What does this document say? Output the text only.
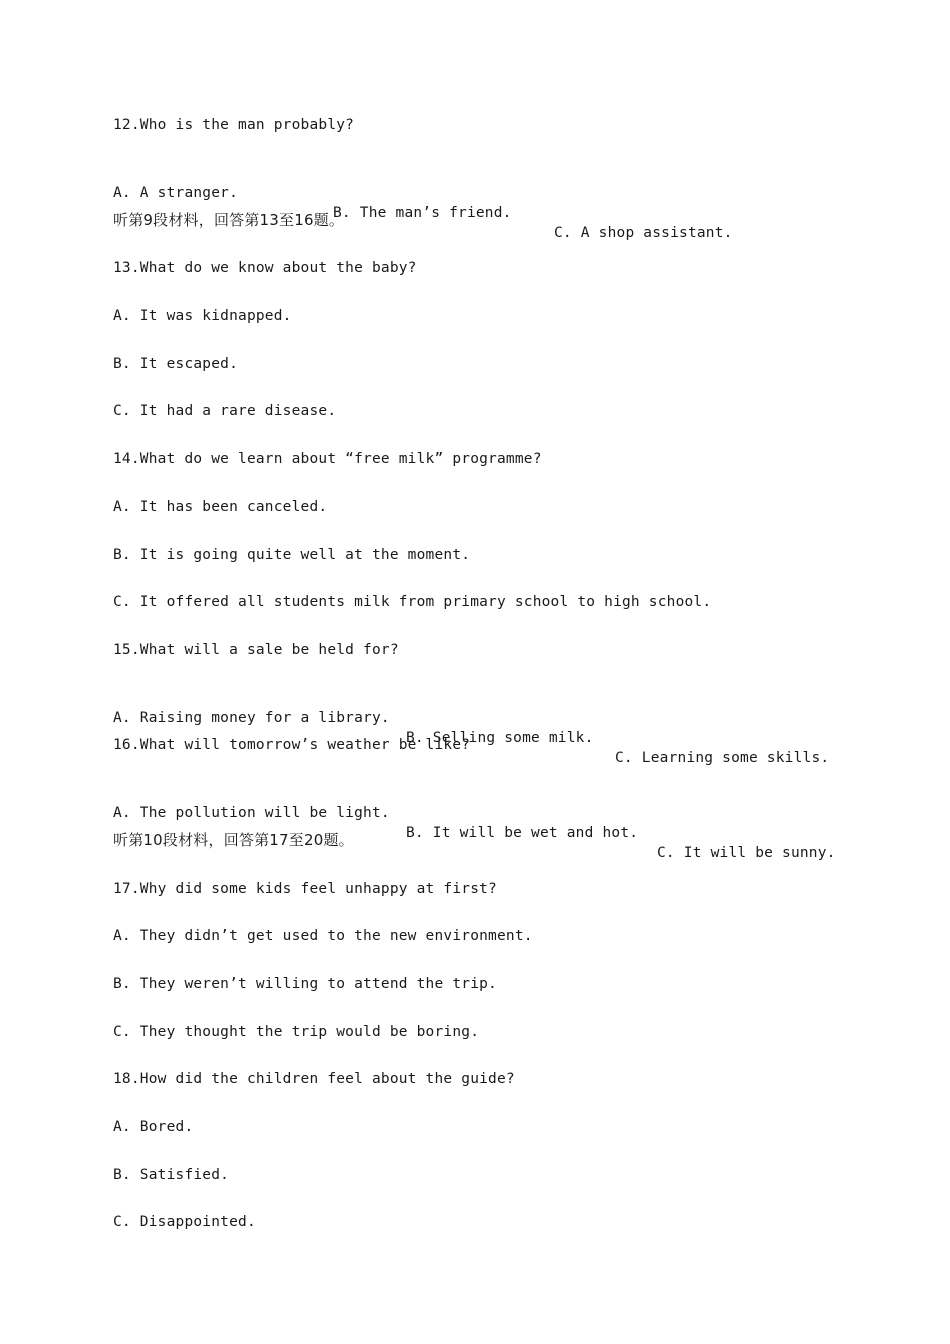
12.Who is the man probably?

A. A stranger.

B. The man’s friend.

C. A shop assistant.

听第9段材料，回答第13至16题。
13.What do we know about the baby?
A. It was kidnapped.
B. It escaped.
C. It had a rare disease.
14.What do we learn about “free milk” programme?
A. It has been canceled.
B. It is going quite well at the moment.
C. It offered all students milk from primary school to high school.
15.What will a sale be held for?

A. Raising money for a library.

B. Selling some milk.

C. Learning some skills.

16.What will tomorrow’s weather be like?

A. The pollution will be light.

B. It will be wet and hot.

C. It will be sunny.

听第10段材料，回答第17至20题。
17.Why did some kids feel unhappy at first?
A. They didn’t get used to the new environment.
B. They weren’t willing to attend the trip.
C. They thought the trip would be boring.
18.How did the children feel about the guide?
A. Bored.
B. Satisfied.
C. Disappointed.
